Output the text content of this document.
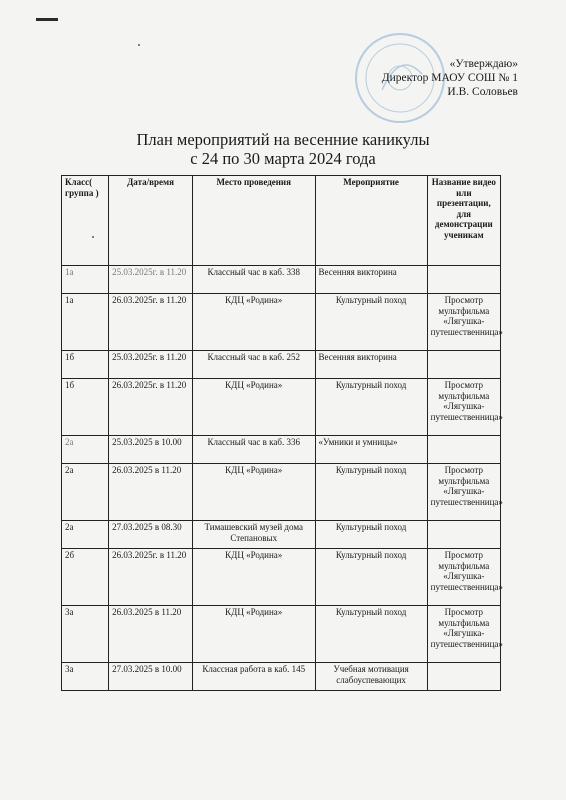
«Утверждаю»
Директор МАОУ СОШ № 1
И.В. Соловьев
План мероприятий на весенние каникулы
с 24 по 30 марта 2024 года
Класс( группа )	Дата/время	Место проведения	Мероприятие	Название видео или презентации, для демонстрации ученикам
1а	25.03.2025г. в 11.20	Классный час в каб. 338	Весенняя викторина	
1а	26.03.2025г. в 11.20	КДЦ «Родина»	Культурный поход	Просмотр мультфильма «Лягушка-путешественница»
1б	25.03.2025г. в 11.20	Классный час в каб. 252	Весенняя викторина	
1б	26.03.2025г. в 11.20	КДЦ «Родина»	Культурный поход	Просмотр мультфильма «Лягушка-путешественница»
2а	25.03.2025 в 10.00	Классный час в каб. 336	«Умники и умницы»	
2а	26.03.2025 в 11.20	КДЦ «Родина»	Культурный поход	Просмотр мультфильма «Лягушка-путешественница»
2а	27.03.2025 в 08.30	Тимашевский музей дома Степановых	Культурный поход	
2б	26.03.2025г. в 11.20	КДЦ «Родина»	Культурный поход	Просмотр мультфильма «Лягушка-путешественница»
3а	26.03.2025 в 11.20	КДЦ «Родина»	Культурный поход	Просмотр мультфильма «Лягушка-путешественница»
3а	27.03.2025 в 10.00	Классная работа в каб. 145	Учебная мотивация слабоуспевающих	
